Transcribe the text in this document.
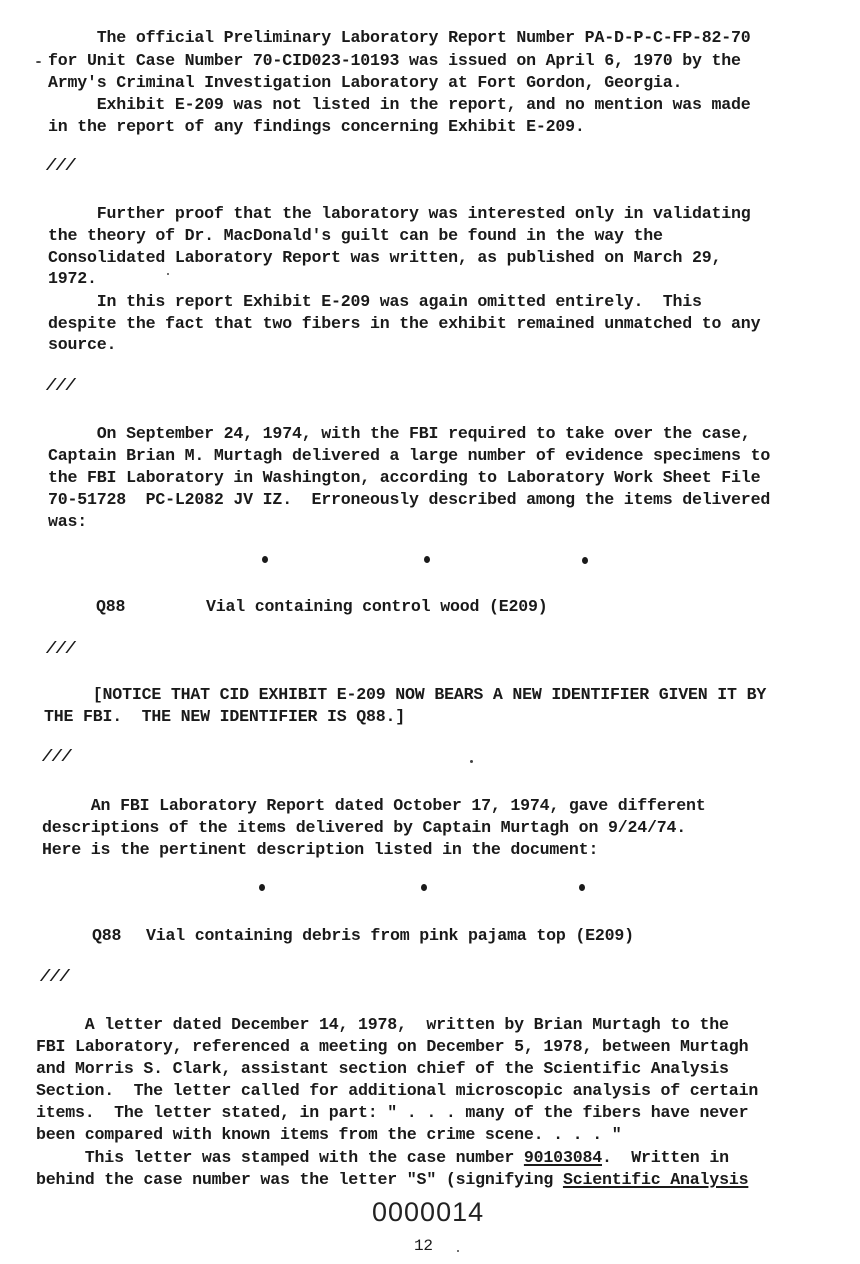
The official Preliminary Laboratory Report Number PA-D-P-C-FP-82-70
for Unit Case Number 70-CID023-10193 was issued on April 6, 1970 by the
Army's Criminal Investigation Laboratory at Fort Gordon, Georgia.
Exhibit E-209 was not listed in the report, and no mention was made
in the report of any findings concerning Exhibit E-209.
///
Further proof that the laboratory was interested only in validating
the theory of Dr. MacDonald's guilt can be found in the way the
Consolidated Laboratory Report was written, as published on March 29,
1972.
In this report Exhibit E-209 was again omitted entirely.  This
despite the fact that two fibers in the exhibit remained unmatched to any
source.
///
On September 24, 1974, with the FBI required to take over the case,
Captain Brian M. Murtagh delivered a large number of evidence specimens to
the FBI Laboratory in Washington, according to Laboratory Work Sheet File
70-51728  PC-L2082 JV IZ.  Erroneously described among the items delivered
was:
Q88	Vial containing control wood (E209)
///
[NOTICE THAT CID EXHIBIT E-209 NOW BEARS A NEW IDENTIFIER GIVEN IT BY
THE FBI.  THE NEW IDENTIFIER IS Q88.]
///
An FBI Laboratory Report dated October 17, 1974, gave different
descriptions of the items delivered by Captain Murtagh on 9/24/74.
Here is the pertinent description listed in the document:
Q88 Vial containing debris from pink pajama top (E209)
///
A letter dated December 14, 1978,  written by Brian Murtagh to the
FBI Laboratory, referenced a meeting on December 5, 1978, between Murtagh
and Morris S. Clark, assistant section chief of the Scientific Analysis
Section.  The letter called for additional microscopic analysis of certain
items.  The letter stated, in part: " . . . many of the fibers have never
been compared with known items from the crime scene. . . . "
This letter was stamped with the case number 90103084.  Written in
behind the case number was the letter "S" (signifying Scientific Analysis
0000014
12
